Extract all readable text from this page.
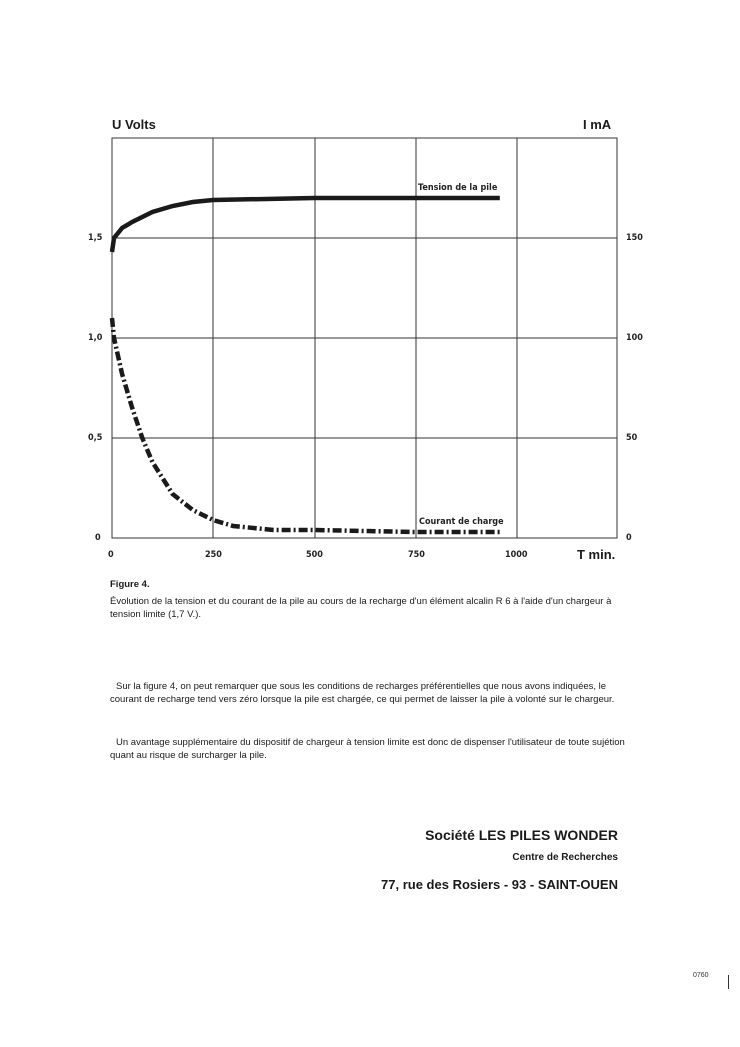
U Volts	I mA
T min.
0
0,5
1,0
1,5
0
50
100
150
0	250	500	750	1000
Tension de la pile
Courant de charge
Figure 4.
Évolution de la tension et du courant de la pile au cours de la recharge d'un élément alcalin R 6 à l'aide d'un chargeur à tension limite (1,7 V.).
Sur la figure 4, on peut remarquer que sous les conditions de recharges préférentielles que nous avons indiquées, le courant de recharge tend vers zéro lorsque la pile est chargée, ce qui permet de laisser la pile à volonté sur le chargeur.
Un avantage supplémentaire du dispositif de chargeur à tension limite est donc de dispenser l'utilisateur de toute sujétion quant au risque de surcharger la pile.
Société LES PILES WONDER
Centre de Recherches
77, rue des Rosiers - 93 - SAINT-OUEN
0760
